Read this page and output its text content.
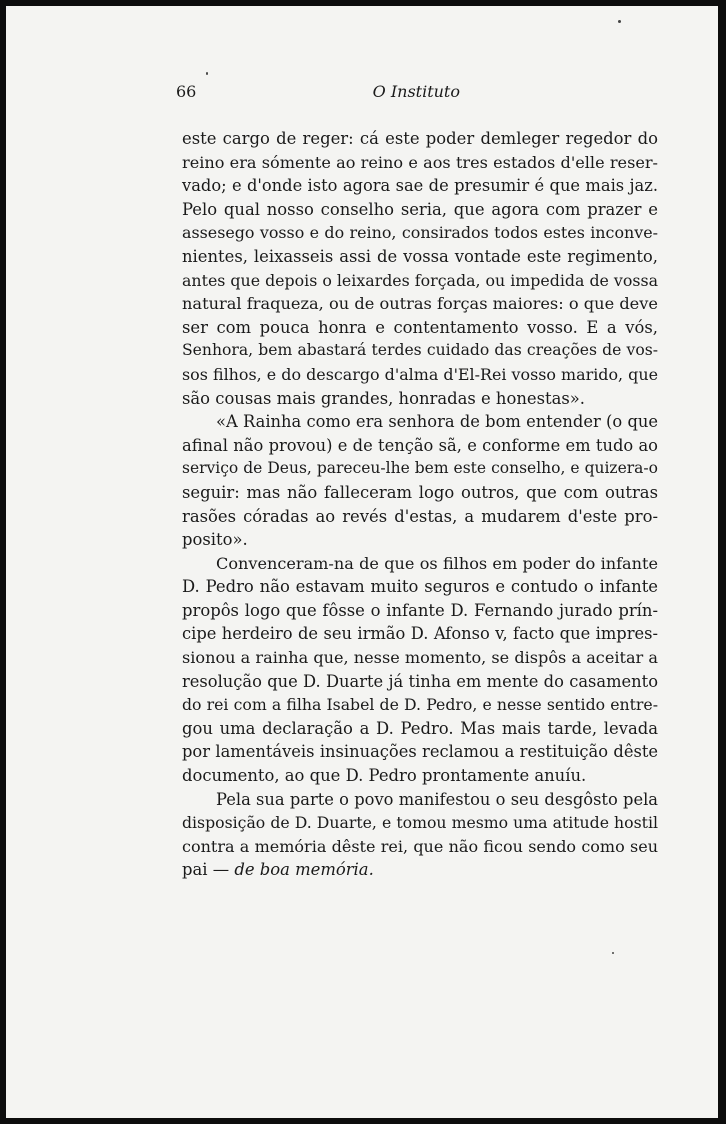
66	O Instituto
este cargo de reger: cá este poder demleger regedor do
reino era sómente ao reino e aos tres estados d'elle reser-
vado; e d'onde isto agora sae de presumir é que mais jaz.
Pelo qual nosso conselho seria, que agora com prazer e
assesego vosso e do reino, consirados todos estes inconve-
nientes, leixasseis assi de vossa vontade este regimento,
antes que depois o leixardes forçada, ou impedida de vossa
natural fraqueza, ou de outras forças maiores: o que deve
ser com pouca honra e contentamento vosso. E a vós,
Senhora, bem abastará terdes cuidado das creações de vos-
sos filhos, e do descargo d'alma d'El-Rei vosso marido, que
são cousas mais grandes, honradas e honestas».
«A Rainha como era senhora de bom entender (o que
afinal não provou) e de tenção sã, e conforme em tudo ao
serviço de Deus, pareceu-lhe bem este conselho, e quizera-o
seguir: mas não falleceram logo outros, que com outras
rasões córadas ao revés d'estas, a mudarem d'este pro-
posito».
Convenceram-na de que os filhos em poder do infante
D. Pedro não estavam muito seguros e contudo o infante
propôs logo que fôsse o infante D. Fernando jurado prín-
cipe herdeiro de seu irmão D. Afonso v, facto que impres-
sionou a rainha que, nesse momento, se dispôs a aceitar a
resolução que D. Duarte já tinha em mente do casamento
do rei com a filha Isabel de D. Pedro, e nesse sentido entre-
gou uma declaração a D. Pedro. Mas mais tarde, levada
por lamentáveis insinuações reclamou a restituição dêste
documento, ao que D. Pedro prontamente anuíu.
Pela sua parte o povo manifestou o seu desgôsto pela
disposição de D. Duarte, e tomou mesmo uma atitude hostil
contra a memória dêste rei, que não ficou sendo como seu
pai — de boa memória.
